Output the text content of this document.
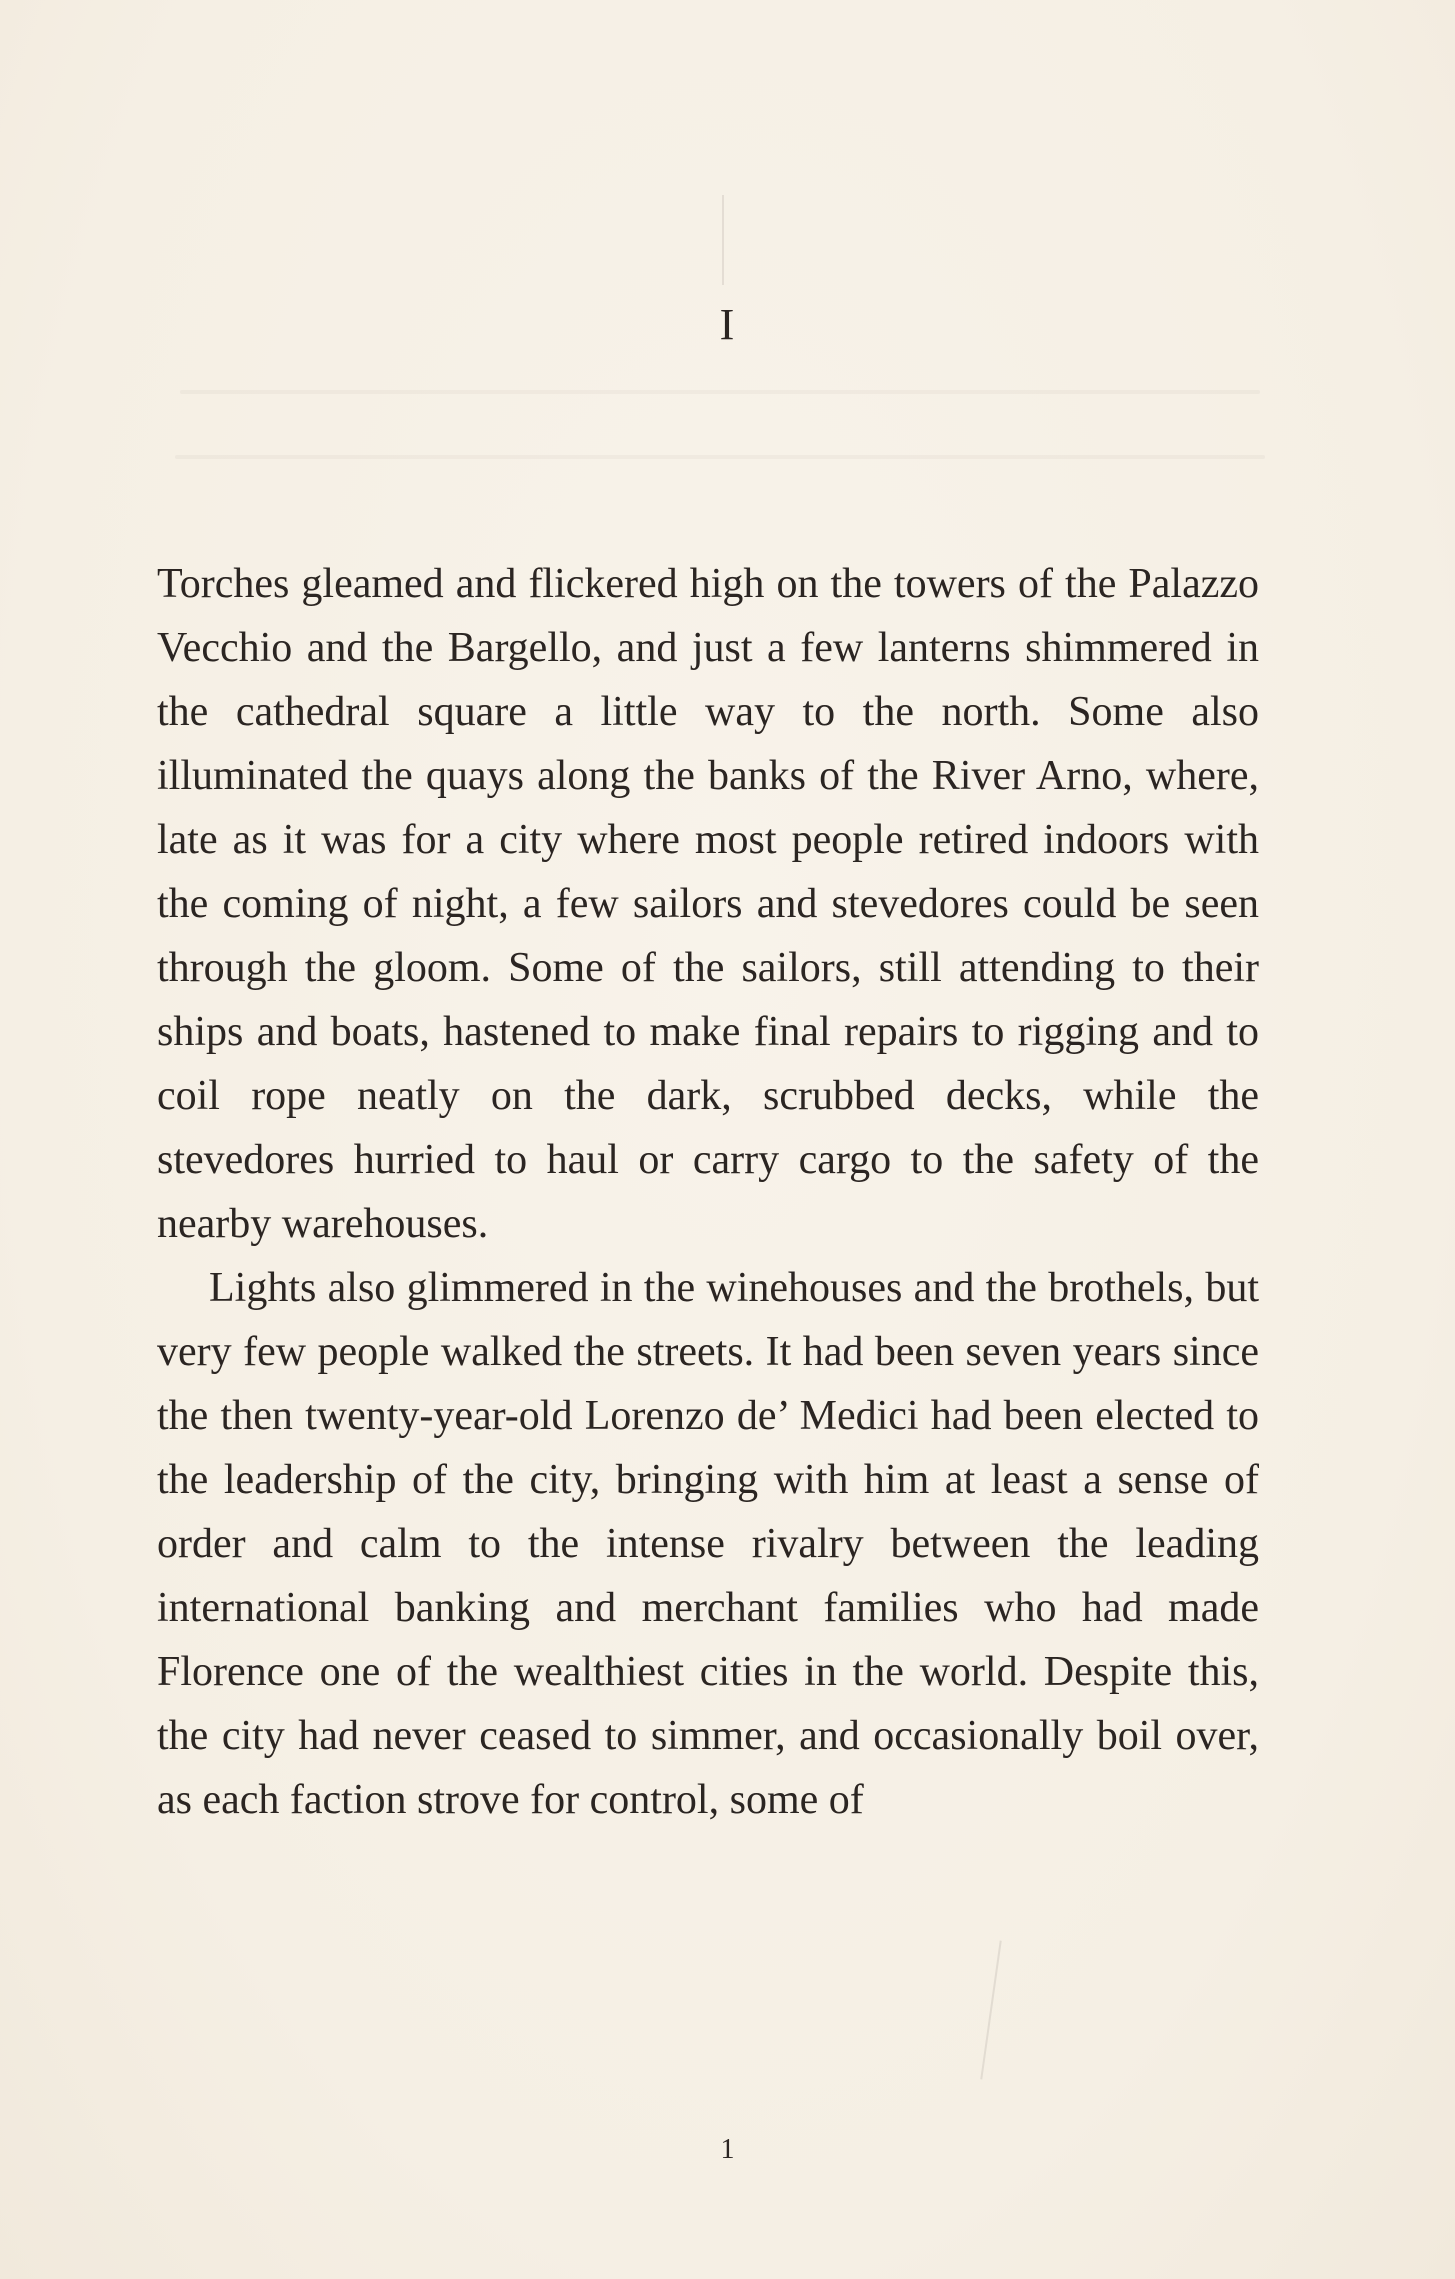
I

Torches gleamed and flickered high on the towers of the Palazzo Vecchio and the Bargello, and just a few lanterns shimmered in the cathedral square a little way to the north. Some also illuminated the quays along the banks of the River Arno, where, late as it was for a city where most people retired indoors with the coming of night, a few sailors and stevedores could be seen through the gloom. Some of the sailors, still attending to their ships and boats, hastened to make final repairs to rigging and to coil rope neatly on the dark, scrubbed decks, while the stevedores hurried to haul or carry cargo to the safety of the nearby warehouses.

Lights also glimmered in the winehouses and the brothels, but very few people walked the streets. It had been seven years since the then twenty-year-old Lorenzo de’ Medici had been elected to the leadership of the city, bringing with him at least a sense of order and calm to the intense rivalry between the leading international banking and merchant families who had made Florence one of the wealthiest cities in the world. Despite this, the city had never ceased to simmer, and occasionally boil over, as each faction strove for control, some of

1
